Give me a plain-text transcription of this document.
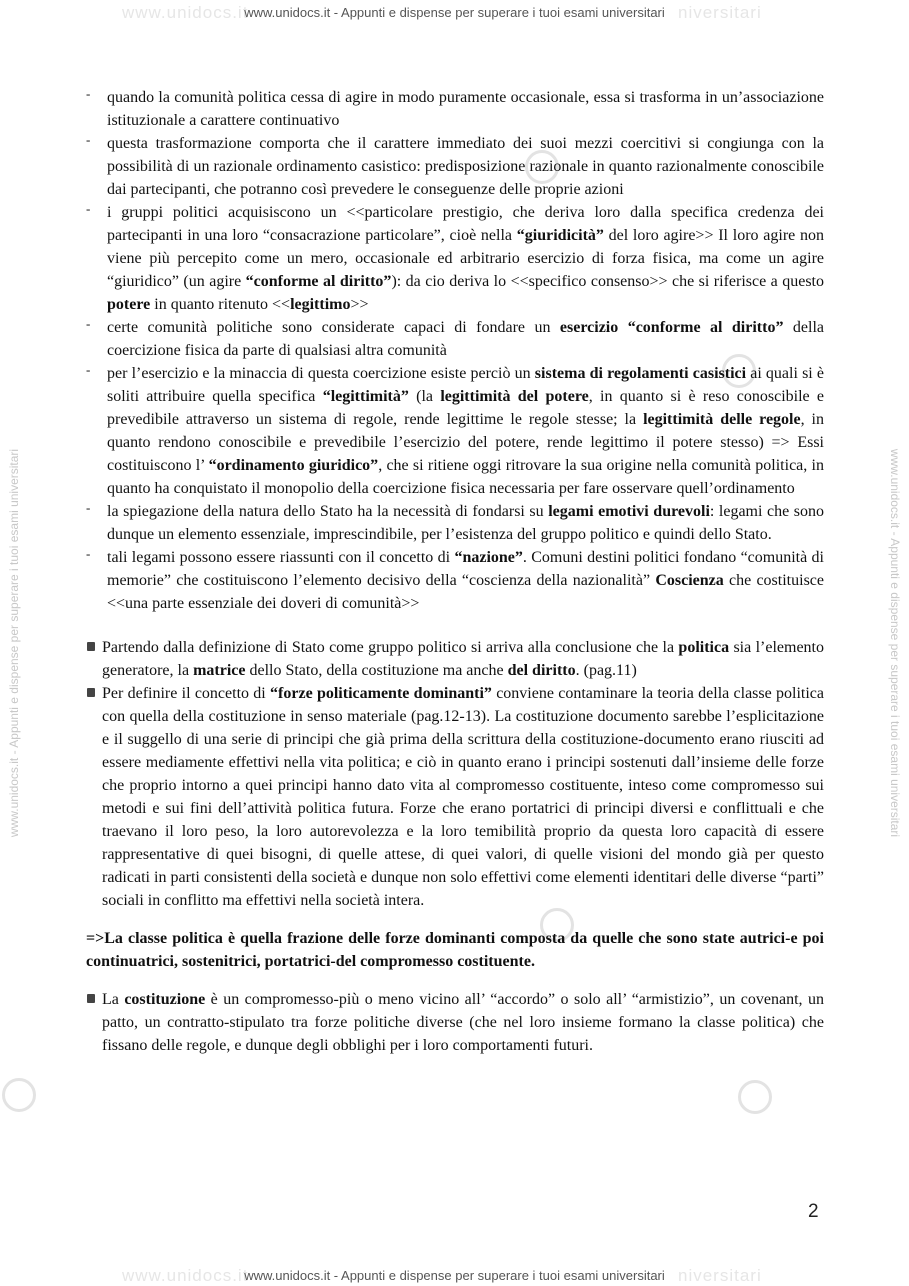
www.unidocs.it	niversitari
www.unidocs.it	niversitari
www.unidocs.it - Appunti e dispense per superare i tuoi esami universitari
www.unidocs.it - Appunti e dispense per superare i tuoi esami universitari
www.unidocs.it - Appunti e dispense per superare i tuoi esami universitari	www.unidocs.it - Appunti e dispense per superare i tuoi esami universitari
- quando la comunità politica cessa di agire in modo puramente occasionale, essa si trasforma in un’associazione istituzionale a carattere continuativo
- questa trasformazione comporta che il carattere immediato dei suoi mezzi coercitivi si congiunga con la possibilità di un razionale ordinamento casistico: predisposizione razionale in quanto razionalmente conoscibile dai partecipanti, che potranno così prevedere le conseguenze delle proprie azioni
- i gruppi politici acquisiscono un <<particolare prestigio, che deriva loro dalla specifica credenza dei partecipanti in una loro “consacrazione particolare”, cioè nella “giuridicità” del loro agire>> Il loro agire non viene più percepito come un mero, occasionale ed arbitrario esercizio di forza fisica, ma come un agire “giuridico” (un agire “conforme al diritto”): da cio deriva lo <<specifico consenso>> che si riferisce a questo potere in quanto ritenuto <<legittimo>>
- certe comunità politiche sono considerate capaci di fondare un esercizio “conforme al diritto” della coercizione fisica da parte di qualsiasi altra comunità
- per l’esercizio e la minaccia di questa coercizione esiste perciò un sistema di regolamenti casistici ai quali si è soliti attribuire quella specifica “legittimità” (la legittimità del potere, in quanto si è reso conoscibile e prevedibile attraverso un sistema di regole, rende legittime le regole stesse; la legittimità delle regole, in quanto rendono conoscibile e prevedibile l’esercizio del potere, rende legittimo il potere stesso) => Essi costituiscono l’ “ordinamento giuridico”, che si ritiene oggi ritrovare la sua origine nella comunità politica, in quanto ha conquistato il monopolio della coercizione fisica necessaria per fare osservare quell’ordinamento
- la spiegazione della natura dello Stato ha la necessità di fondarsi su legami emotivi durevoli: legami che sono dunque un elemento essenziale, imprescindibile, per l’esistenza del gruppo politico e quindi dello Stato.
- tali legami possono essere riassunti con il concetto di “nazione”. Comuni destini politici fondano “comunità di memorie” che costituiscono l’elemento decisivo della “coscienza della nazionalità” Coscienza che costituisce <<una parte essenziale dei doveri di comunità>>

Partendo dalla definizione di Stato come gruppo politico si arriva alla conclusione che la politica sia l’elemento generatore, la matrice dello Stato, della costituzione ma anche del diritto. (pag.11)

Per definire il concetto di “forze politicamente dominanti” conviene contaminare la teoria della classe politica con quella della costituzione in senso materiale (pag.12-13). La costituzione documento sarebbe l’esplicitazione e il suggello di una serie di principi che già prima della scrittura della costituzione-documento erano riusciti ad essere mediamente effettivi nella vita politica; e ciò in quanto erano i principi sostenuti dall’insieme delle forze che proprio intorno a quei principi hanno dato vita al compromesso costituente, inteso come compromesso sui metodi e sui fini dell’attività politica futura. Forze che erano portatrici di principi diversi e conflittuali e che traevano il loro peso, la loro autorevolezza e la loro temibilità proprio da questa loro capacità di essere rappresentative di quei bisogni, di quelle attese, di quei valori, di quelle visioni del mondo già per questo radicati in parti consistenti della società e dunque non solo effettivi come elementi identitari delle diverse “parti” sociali in conflitto ma effettivi nella società intera.

=>La classe politica è quella frazione delle forze dominanti composta da quelle che sono state autrici-e poi continuatrici, sostenitrici, portatrici-del compromesso costituente.

La costituzione è un compromesso-più o meno vicino all’ “accordo” o solo all’ “armistizio”, un covenant, un patto, un contratto-stipulato tra forze politiche diverse (che nel loro insieme formano la classe politica) che fissano delle regole, e dunque degli obblighi per i loro comportamenti futuri.

2
